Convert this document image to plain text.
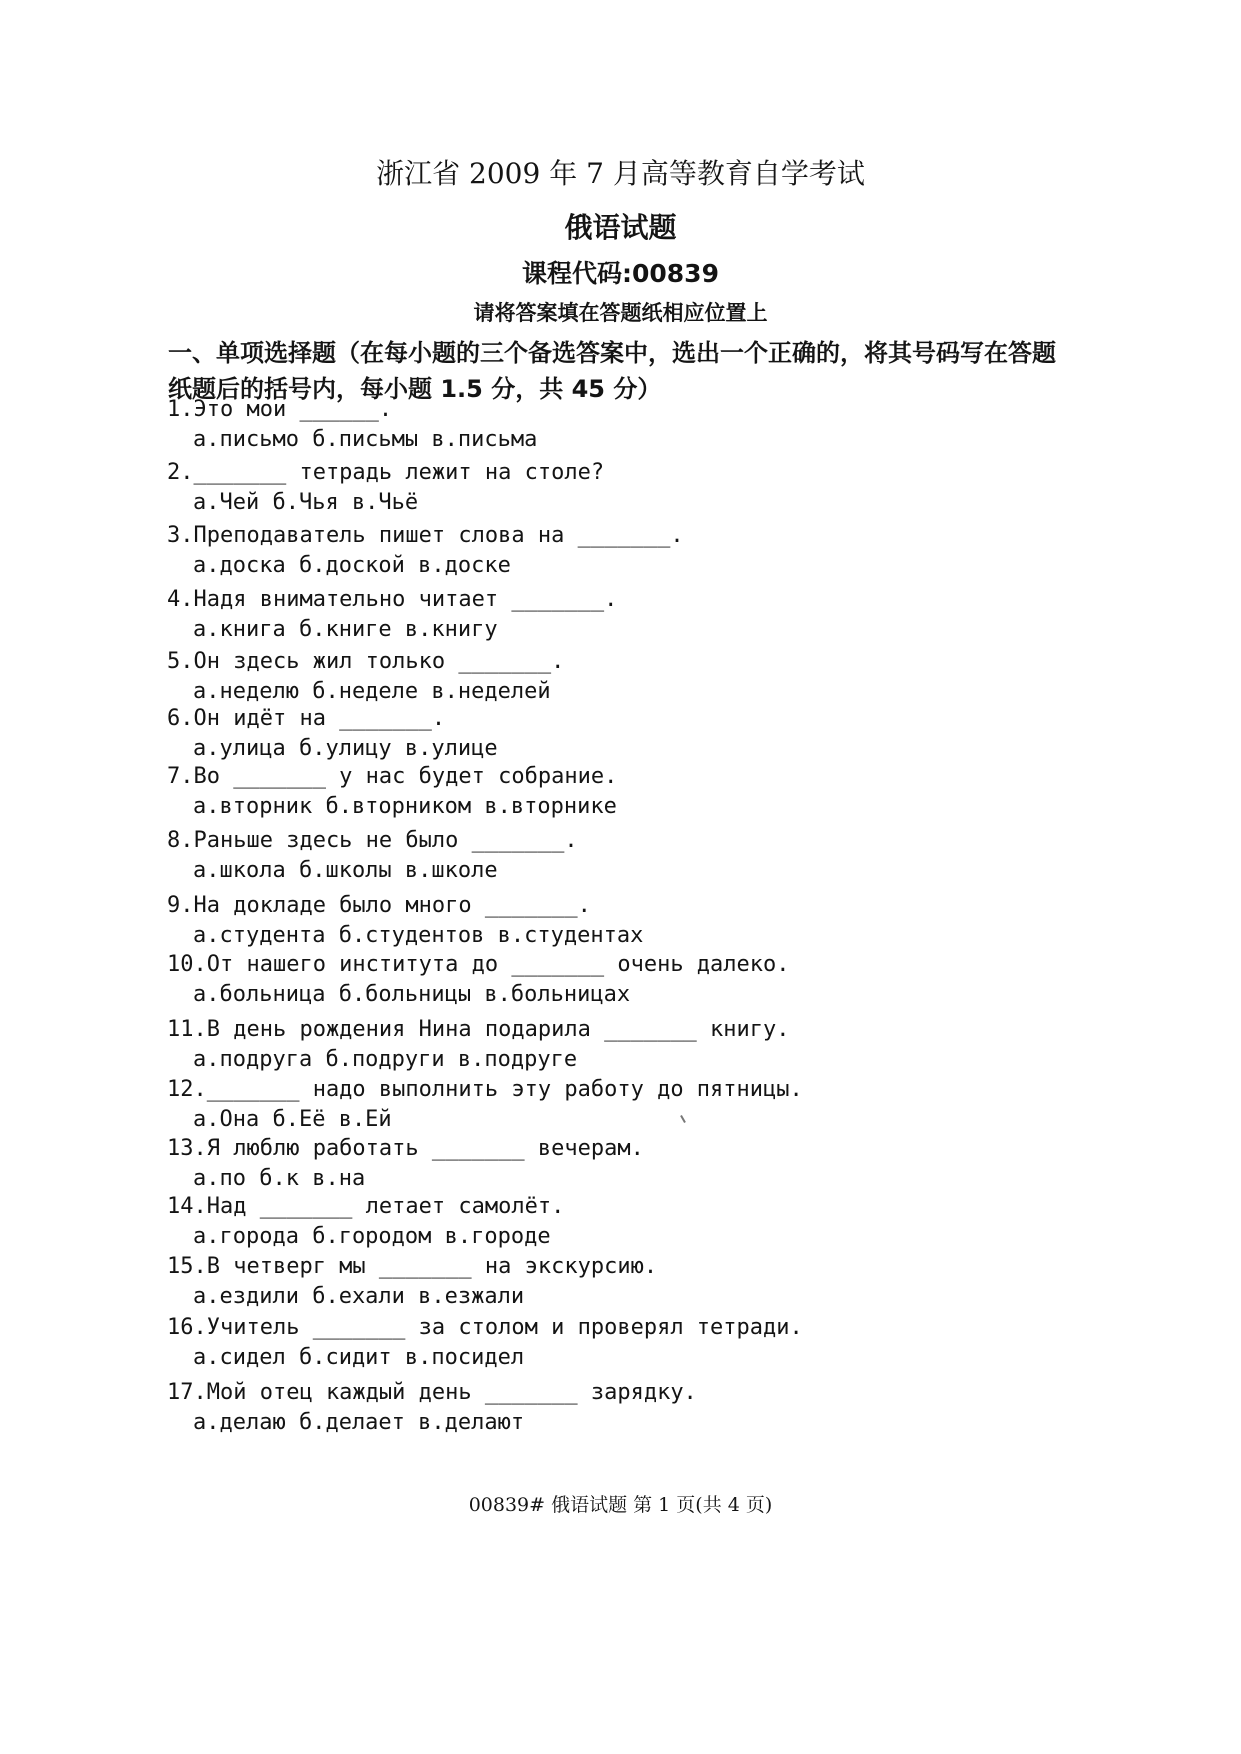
浙江省 2009 年 7 月高等教育自学考试
俄语试题
课程代码:00839
请将答案填在答题纸相应位置上
一、单项选择题（在每小题的三个备选答案中，选出一个正确的，将其号码写在答题纸题后的括号内，每小题 1.5 分，共 45 分）
1.Это мои ______.
а.письмо б.письмы в.письма
2._______ тетрадь лежит на столе?
а.Чей б.Чья в.Чьё
3.Преподаватель пишет слова на _______.
а.доска б.доской в.доске
4.Надя внимательно читает _______.
а.книга б.книге в.книгу
5.Он здесь жил только _______.
а.неделю б.неделе в.неделей
6.Он идёт на _______.
а.улица б.улицу в.улице
7.Во _______ у нас будет собрание.
а.вторник б.вторником в.вторнике
8.Раньше здесь не было _______.
а.школа б.школы в.школе
9.На докладе было много _______.
а.студента б.студентов в.студентах
10.От нашего института до _______ очень далеко.
а.больница б.больницы в.больницах
11.В день рождения Нина подарила _______ книгу.
а.подруга б.подруги в.подруге
12._______ надо выполнить эту работу до пятницы.
а.Она б.Её в.Ей
13.Я люблю работать _______ вечерам.
а.по б.к в.на
14.Над _______ летает самолёт.
а.города б.городом в.городе
15.В четверг мы _______ на экскурсию.
а.ездили б.ехали в.езжали
16.Учитель _______ за столом и проверял тетради.
а.сидел б.сидит в.посидел
17.Мой отец каждый день _______ зарядку.
а.делаю б.делает в.делают
00839# 俄语试题 第 1 页(共 4 页)
